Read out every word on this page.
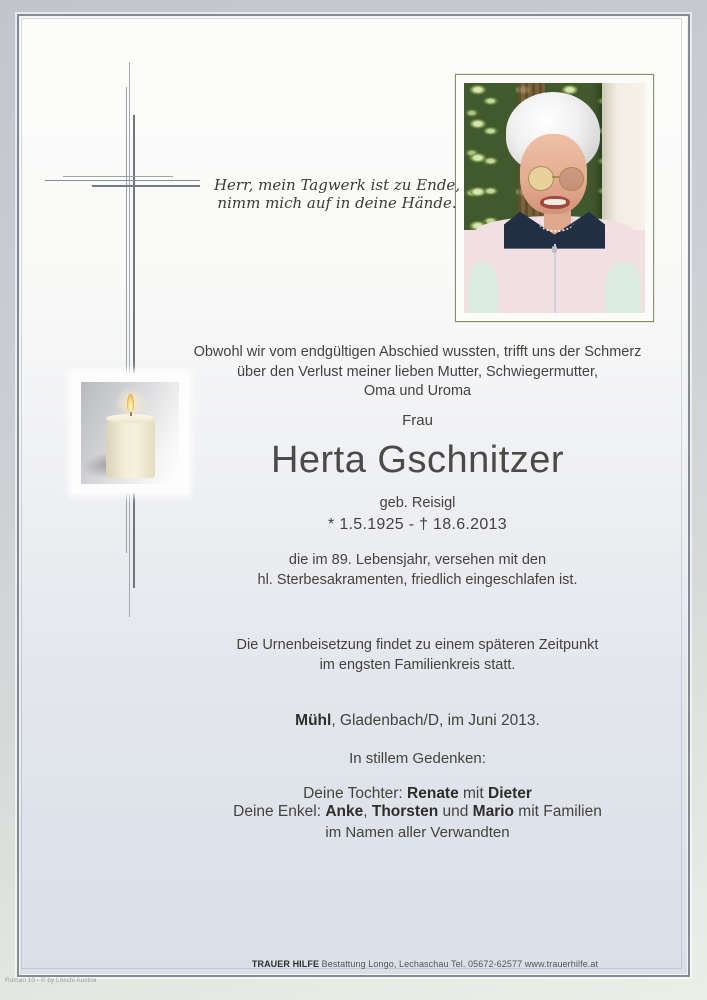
Herr, mein Tagwerk ist zu Ende,
nimm mich auf in deine Hände.
Obwohl wir vom endgültigen Abschied wussten, trifft uns der Schmerz
über den Verlust meiner lieben Mutter, Schwiegermutter,
Oma und Uroma
Frau
Herta Gschnitzer
geb. Reisigl
* 1.5.1925 - † 18.6.2013
die im 89. Lebensjahr, versehen mit den
hl. Sterbesakramenten, friedlich eingeschlafen ist.
Die Urnenbeisetzung findet zu einem späteren Zeitpunkt
im engsten Familienkreis statt.
Mühl, Gladenbach/D, im Juni 2013.
In stillem Gedenken:
Deine Tochter: Renate mit Dieter
Deine Enkel: Anke, Thorsten und Mario mit Familien
im Namen aller Verwandten
TRAUER HILFE Bestattung Longo, Lechaschau Tel. 05672-62577 www.trauerhilfe.at
Roman 10 - © by Löschi Austria
